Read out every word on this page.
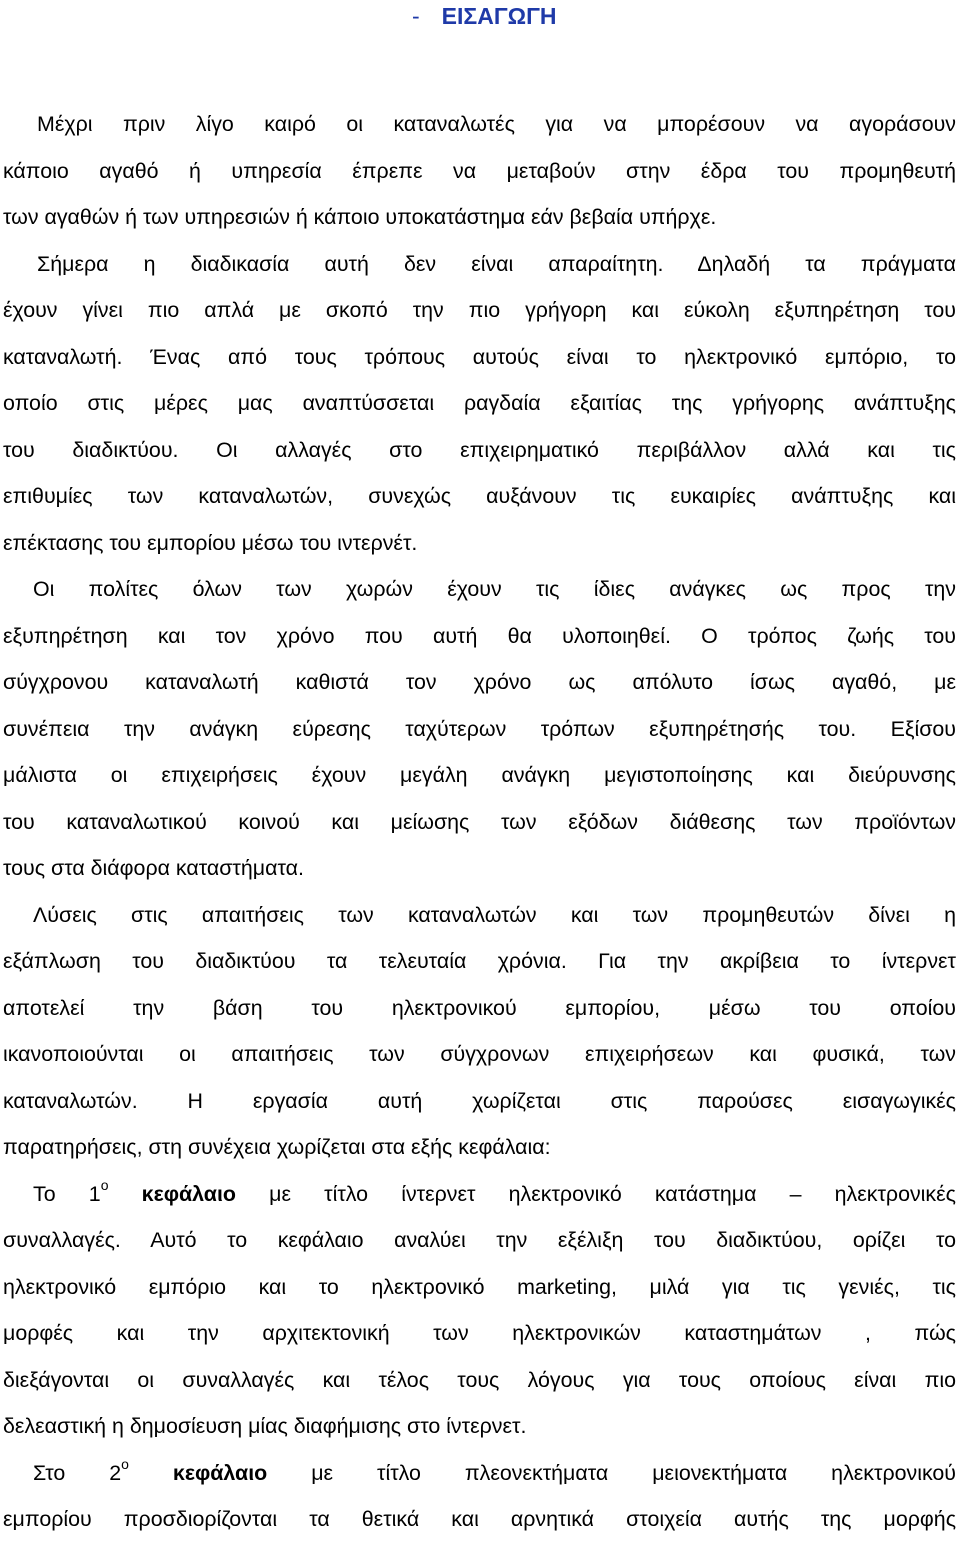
- ΕΙΣΑΓΩΓΗ
Μέχρι πριν λίγο καιρό οι καταναλωτές για να μπορέσουν να αγοράσουν
κάποιο αγαθό ή υπηρεσία έπρεπε να μεταβούν στην έδρα του προμηθευτή
των αγαθών ή των υπηρεσιών ή κάποιο υποκατάστημα εάν βεβαία υπήρχε.
Σήμερα η διαδικασία αυτή δεν είναι απαραίτητη. Δηλαδή τα πράγματα
έχουν γίνει πιο απλά με σκοπό την πιο γρήγορη και εύκολη εξυπηρέτηση του
καταναλωτή. Ένας από τους τρόπους αυτούς είναι το ηλεκτρονικό εμπόριο, το
οποίο στις μέρες μας αναπτύσσεται ραγδαία εξαιτίας της γρήγορης ανάπτυξης
του διαδικτύου. Οι αλλαγές στο επιχειρηματικό περιβάλλον αλλά και τις
επιθυμίες των καταναλωτών, συνεχώς αυξάνουν τις ευκαιρίες ανάπτυξης και
επέκτασης του εμπορίου μέσω του ιντερνέτ.
Οι πολίτες όλων των χωρών έχουν τις ίδιες ανάγκες ως προς την
εξυπηρέτηση και τον χρόνο που αυτή θα υλοποιηθεί. Ο τρόπος ζωής του
σύγχρονου καταναλωτή καθιστά τον χρόνο ως απόλυτο ίσως αγαθό, με
συνέπεια την ανάγκη εύρεσης ταχύτερων τρόπων εξυπηρέτησής του. Εξίσου
μάλιστα οι επιχειρήσεις έχουν μεγάλη ανάγκη μεγιστοποίησης και διεύρυνσης
του καταναλωτικού κοινού και μείωσης των εξόδων διάθεσης των προϊόντων
τους στα διάφορα καταστήματα.
Λύσεις στις απαιτήσεις των καταναλωτών και των προμηθευτών δίνει η
εξάπλωση του διαδικτύου τα τελευταία χρόνια. Για την ακρίβεια το ίντερνετ
αποτελεί την βάση του ηλεκτρονικού εμπορίου, μέσω του οποίου
ικανοποιούνται οι απαιτήσεις των σύγχρονων επιχειρήσεων και φυσικά, των
καταναλωτών. Η εργασία αυτή χωρίζεται στις παρούσες εισαγωγικές
παρατηρήσεις, στη συνέχεια χωρίζεται στα εξής κεφάλαια:
Το $1^o$ κεφάλαιο με τίτλο ίντερνετ ηλεκτρονικό κατάστημα – ηλεκτρονικές
συναλλαγές. Αυτό το κεφάλαιο αναλύει την εξέλιξη του διαδικτύου, ορίζει το
ηλεκτρονικό εμπόριο και το ηλεκτρονικό marketing, μιλά για τις γενιές, τις
μορφές και την αρχιτεκτονική των ηλεκτρονικών καταστημάτων , πώς
διεξάγονται οι συναλλαγές και τέλος τους λόγους για τους οποίους είναι πιο
δελεαστική η δημοσίευση μίας διαφήμισης στο ίντερνετ.
Στο $2^o$ κεφάλαιο με τίτλο πλεονεκτήματα μειονεκτήματα ηλεκτρονικού
εμπορίου προσδιορίζονται τα θετικά και αρνητικά στοιχεία αυτής της μορφής
